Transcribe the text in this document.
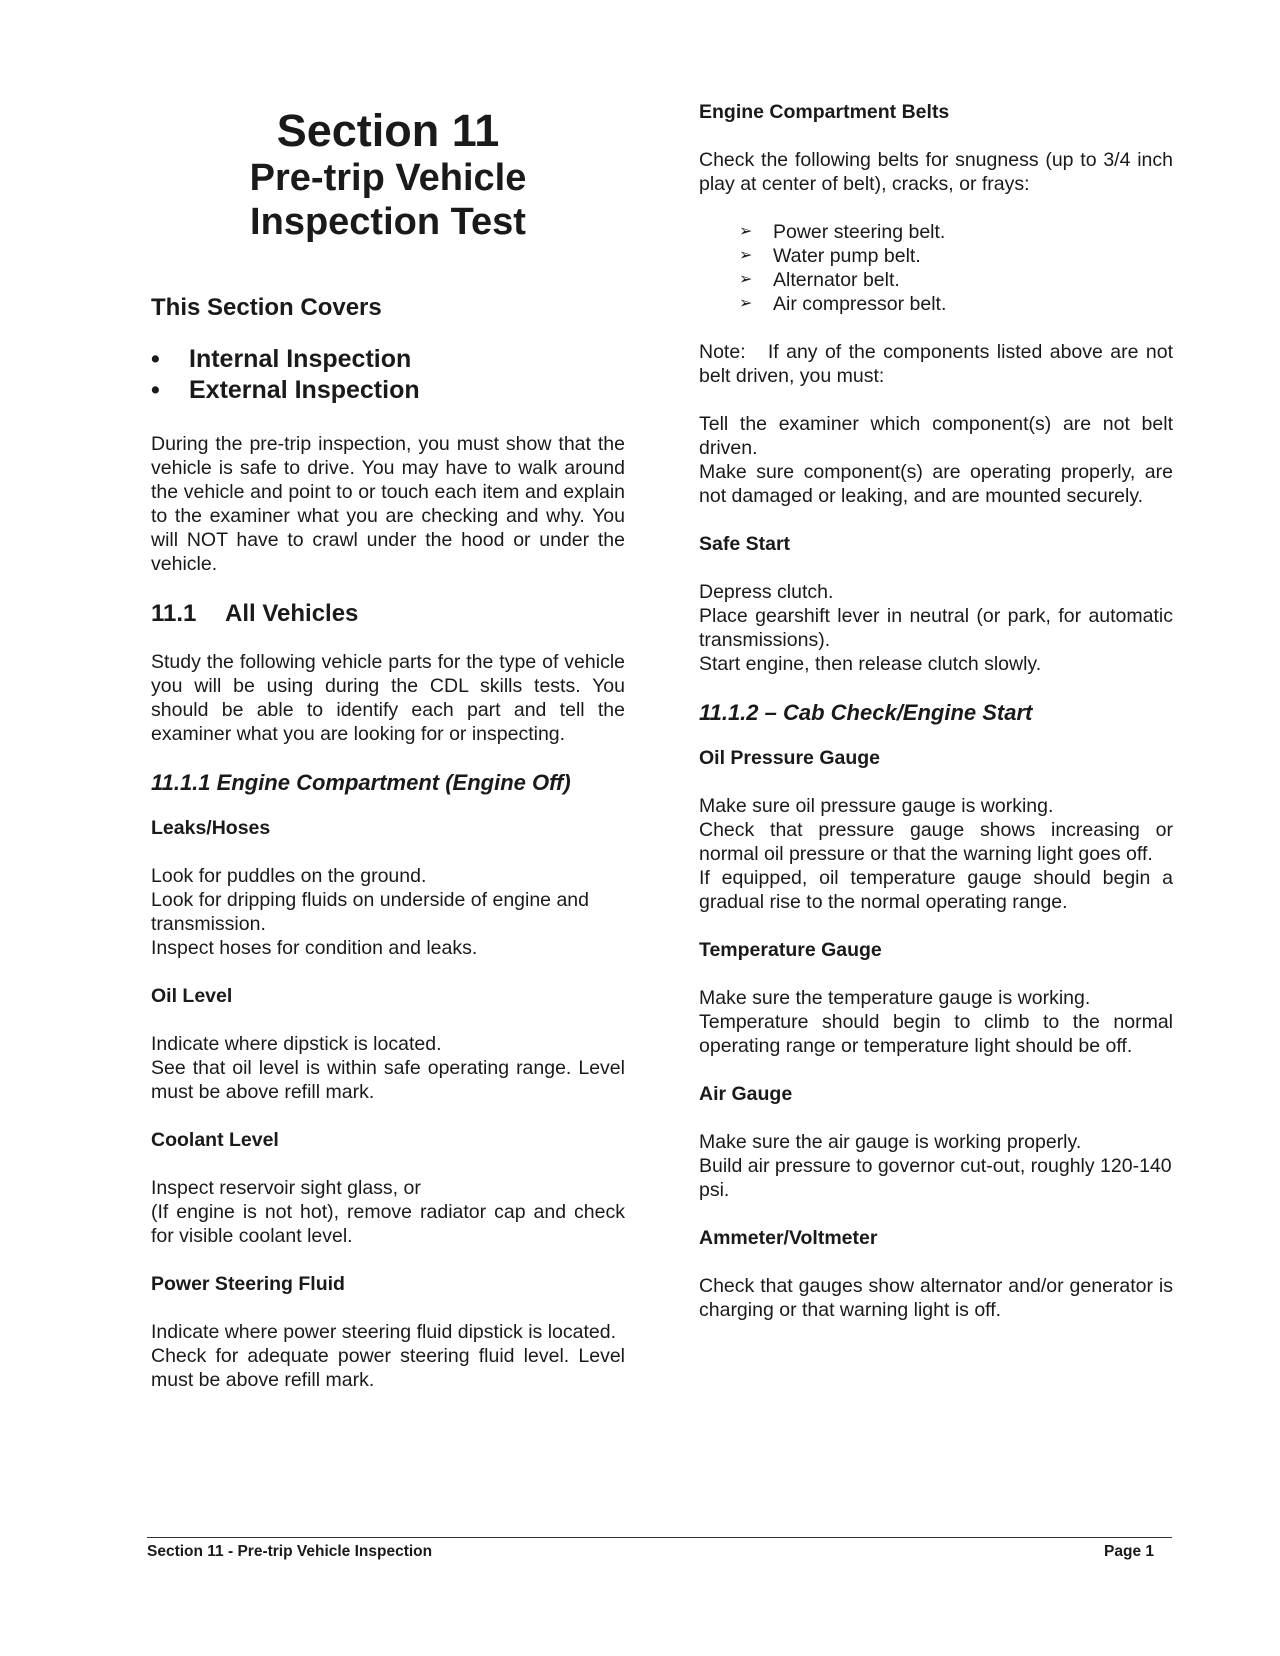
Section 11
Pre-trip Vehicle
Inspection Test
This Section Covers
•	Internal Inspection
•	External Inspection

During the pre-trip inspection, you must show that the vehicle is safe to drive. You may have to walk around the vehicle and point to or touch each item and explain to the examiner what you are checking and why. You will NOT have to crawl under the hood or under the vehicle.

11.1 All Vehicles

Study the following vehicle parts for the type of vehicle you will be using during the CDL skills tests. You should be able to identify each part and tell the examiner what you are looking for or inspecting.

11.1.1 Engine Compartment (Engine Off)
Leaks/Hoses

Look for puddles on the ground.

Look for dripping fluids on underside of engine and transmission.

Inspect hoses for condition and leaks.

Oil Level

Indicate where dipstick is located.

See that oil level is within safe operating range. Level must be above refill mark.

Coolant Level

Inspect reservoir sight glass, or

(If engine is not hot), remove radiator cap and check for visible coolant level.

Power Steering Fluid

Indicate where power steering fluid dipstick is located.

Check for adequate power steering fluid level. Level must be above refill mark.

Engine Compartment Belts

Check the following belts for snugness (up to 3/4 inch play at center of belt), cracks, or frays:

➢	Power steering belt.
➢	Water pump belt.
➢	Alternator belt.
➢	Air compressor belt.

Note: If any of the components listed above are not belt driven, you must:

Tell the examiner which component(s) are not belt driven.

Make sure component(s) are operating properly, are not damaged or leaking, and are mounted securely.

Safe Start

Depress clutch.

Place gearshift lever in neutral (or park, for automatic transmissions).

Start engine, then release clutch slowly.

11.1.2 – Cab Check/Engine Start
Oil Pressure Gauge

Make sure oil pressure gauge is working.

Check that pressure gauge shows increasing or normal oil pressure or that the warning light goes off.

If equipped, oil temperature gauge should begin a gradual rise to the normal operating range.

Temperature Gauge

Make sure the temperature gauge is working.

Temperature should begin to climb to the normal operating range or temperature light should be off.

Air Gauge

Make sure the air gauge is working properly.

Build air pressure to governor cut-out, roughly 120-140 psi.

Ammeter/Voltmeter

Check that gauges show alternator and/or generator is charging or that warning light is off.

Section 11 - Pre-trip Vehicle Inspection	Page 1
